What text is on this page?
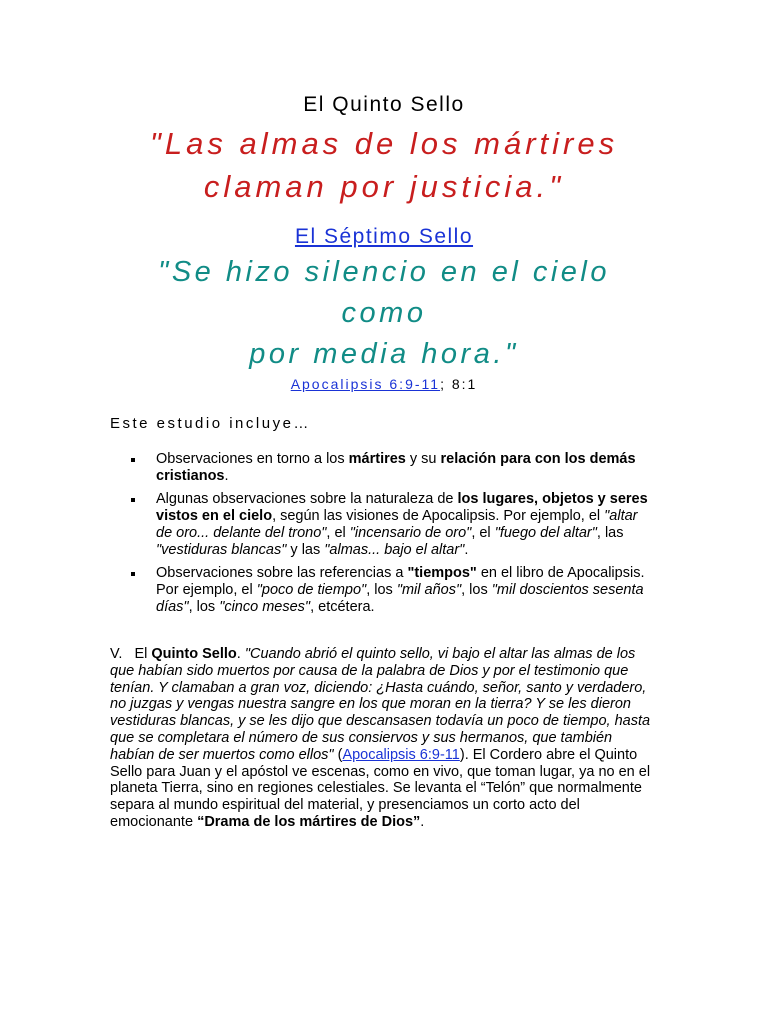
El Quinto Sello
"Las almas de los mártires
claman por justicia."
El Séptimo Sello
"Se hizo silencio en el cielo
como
por media hora."
Apocalipsis 6:9-11; 8:1
Este estudio incluye…
Observaciones en torno a los mártires y su relación para con los demás cristianos.
Algunas observaciones sobre la naturaleza de los lugares, objetos y seres vistos en el cielo, según las visiones de Apocalipsis. Por ejemplo, el "altar de oro... delante del trono", el "incensario de oro", el "fuego del altar", las "vestiduras blancas" y las "almas... bajo el altar".
Observaciones sobre las referencias a "tiempos" en el libro de Apocalipsis. Por ejemplo, el "poco de tiempo", los "mil años", los "mil doscientos sesenta días", los "cinco meses", etcétera.
V.   El Quinto Sello. "Cuando abrió el quinto sello, vi bajo el altar las almas de los que habían sido muertos por causa de la palabra de Dios y por el testimonio que tenían. Y clamaban a gran voz, diciendo: ¿Hasta cuándo, señor, santo y verdadero, no juzgas y vengas nuestra sangre en los que moran en la tierra? Y se les dieron vestiduras blancas, y se les dijo que descansasen todavía un poco de tiempo, hasta que se completara el número de sus consiervos y sus hermanos, que también habían de ser muertos como ellos" (Apocalipsis 6:9-11). El Cordero abre el Quinto Sello para Juan y el apóstol ve escenas, como en vivo, que toman lugar, ya no en el planeta Tierra, sino en regiones celestiales. Se levanta el “Telón” que normalmente separa al mundo espiritual del material, y presenciamos un corto acto del emocionante “Drama de los mártires de Dios”.
